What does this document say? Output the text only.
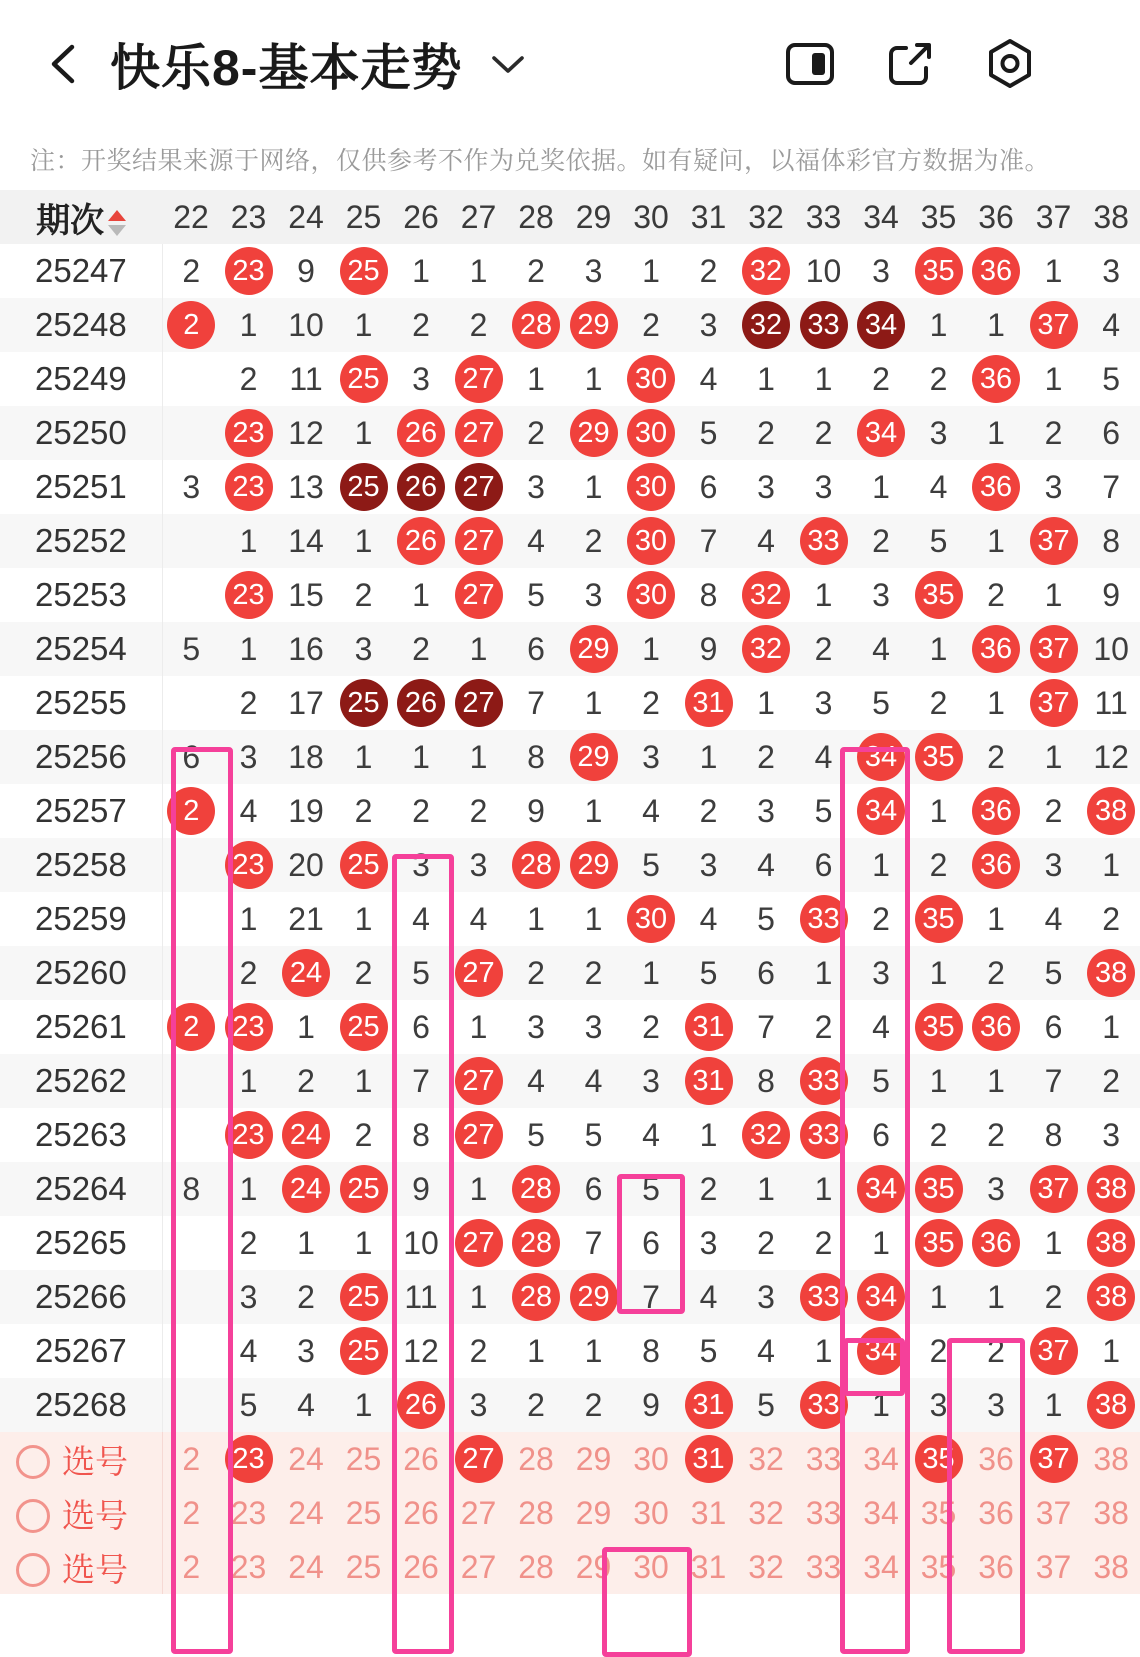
快乐8-基本走势
注：开奖结果来源于网络，仅供参考不作为兑奖依据。如有疑问，以福体彩官方数据为准。
期次	22	23	24	25	26	27	28	29	30	31	32	33	34	35	36	37	38
25247	2	23	9	25	1	1	2	3	1	2	32	10	3	35	36	1	3
25248	2	1	10	1	2	2	28	29	2	3	32	33	34	1	1	37	4
25249		2	11	25	3	27	1	1	30	4	1	1	2	2	36	1	5
25250		23	12	1	26	27	2	29	30	5	2	2	34	3	1	2	6
25251	3	23	13	25	26	27	3	1	30	6	3	3	1	4	36	3	7
25252		1	14	1	26	27	4	2	30	7	4	33	2	5	1	37	8
25253		23	15	2	1	27	5	3	30	8	32	1	3	35	2	1	9
25254	5	1	16	3	2	1	6	29	1	9	32	2	4	1	36	37	10
25255		2	17	25	26	27	7	1	2	31	1	3	5	2	1	37	11
25256	6	3	18	1	1	1	8	29	3	1	2	4	34	35	2	1	12
25257	2	4	19	2	2	2	9	1	4	2	3	5	34	1	36	2	38
25258		23	20	25	3	3	28	29	5	3	4	6	1	2	36	3	1
25259		1	21	1	4	4	1	1	30	4	5	33	2	35	1	4	2
25260		2	24	2	5	27	2	2	1	5	6	1	3	1	2	5	38
25261	2	23	1	25	6	1	3	3	2	31	7	2	4	35	36	6	1
25262		1	2	1	7	27	4	4	3	31	8	33	5	1	1	7	2
25263		23	24	2	8	27	5	5	4	1	32	33	6	2	2	8	3
25264	8	1	24	25	9	1	28	6	5	2	1	1	34	35	3	37	38
25265		2	1	1	10	27	28	7	6	3	2	2	1	35	36	1	38
25266		3	2	25	11	1	28	29	7	4	3	33	34	1	1	2	38
25267		4	3	25	12	2	1	1	8	5	4	1	34	2	2	37	1
25268		5	4	1	26	3	2	2	9	31	5	33	1	3	3	1	38
选号	2	23	24	25	26	27	28	29	30	31	32	33	34	35	36	37	38
选号	2	23	24	25	26	27	28	29	30	31	32	33	34	35	36	37	38
选号	2	23	24	25	26	27	28	29	30	31	32	33	34	35	36	37	38
